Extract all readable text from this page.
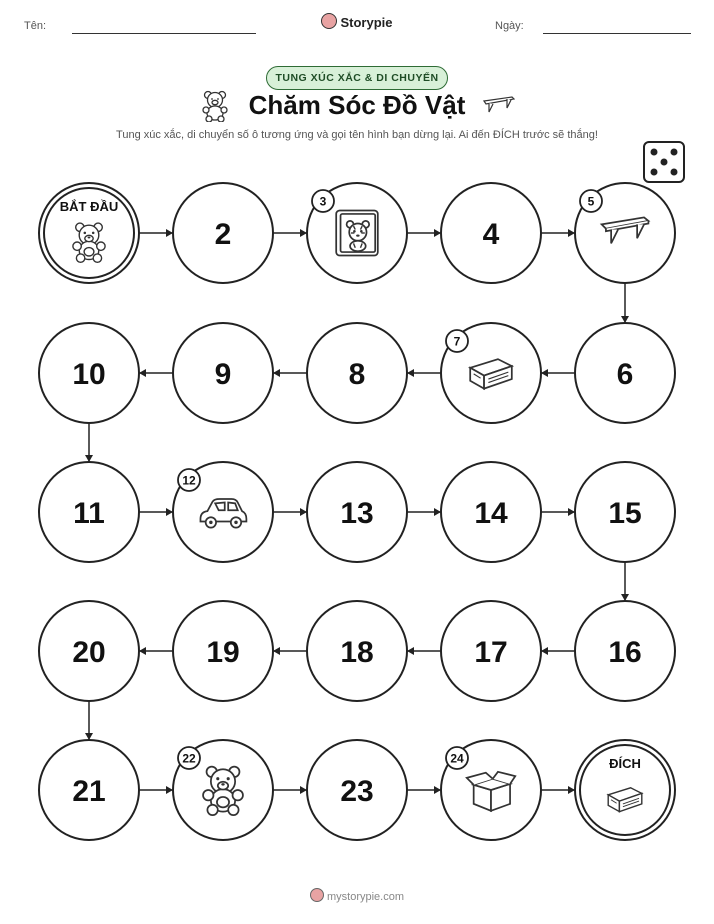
Tên:	Storypie	Ngày:
TUNG XÚC XẮC & DI CHUYỂN
Chăm Sóc Đồ Vật
Tung xúc xắc, di chuyển số ô tương ứng và gọi tên hình bạn dừng lại. Ai đến ĐÍCH trước sẽ thắng!
BẮT ĐẦU
2
3
4
5
6
7
8
9
10
11
12
13	14	15
16
17
18
19
20
21
22
23
24	ĐÍCH
mystorypie.com
